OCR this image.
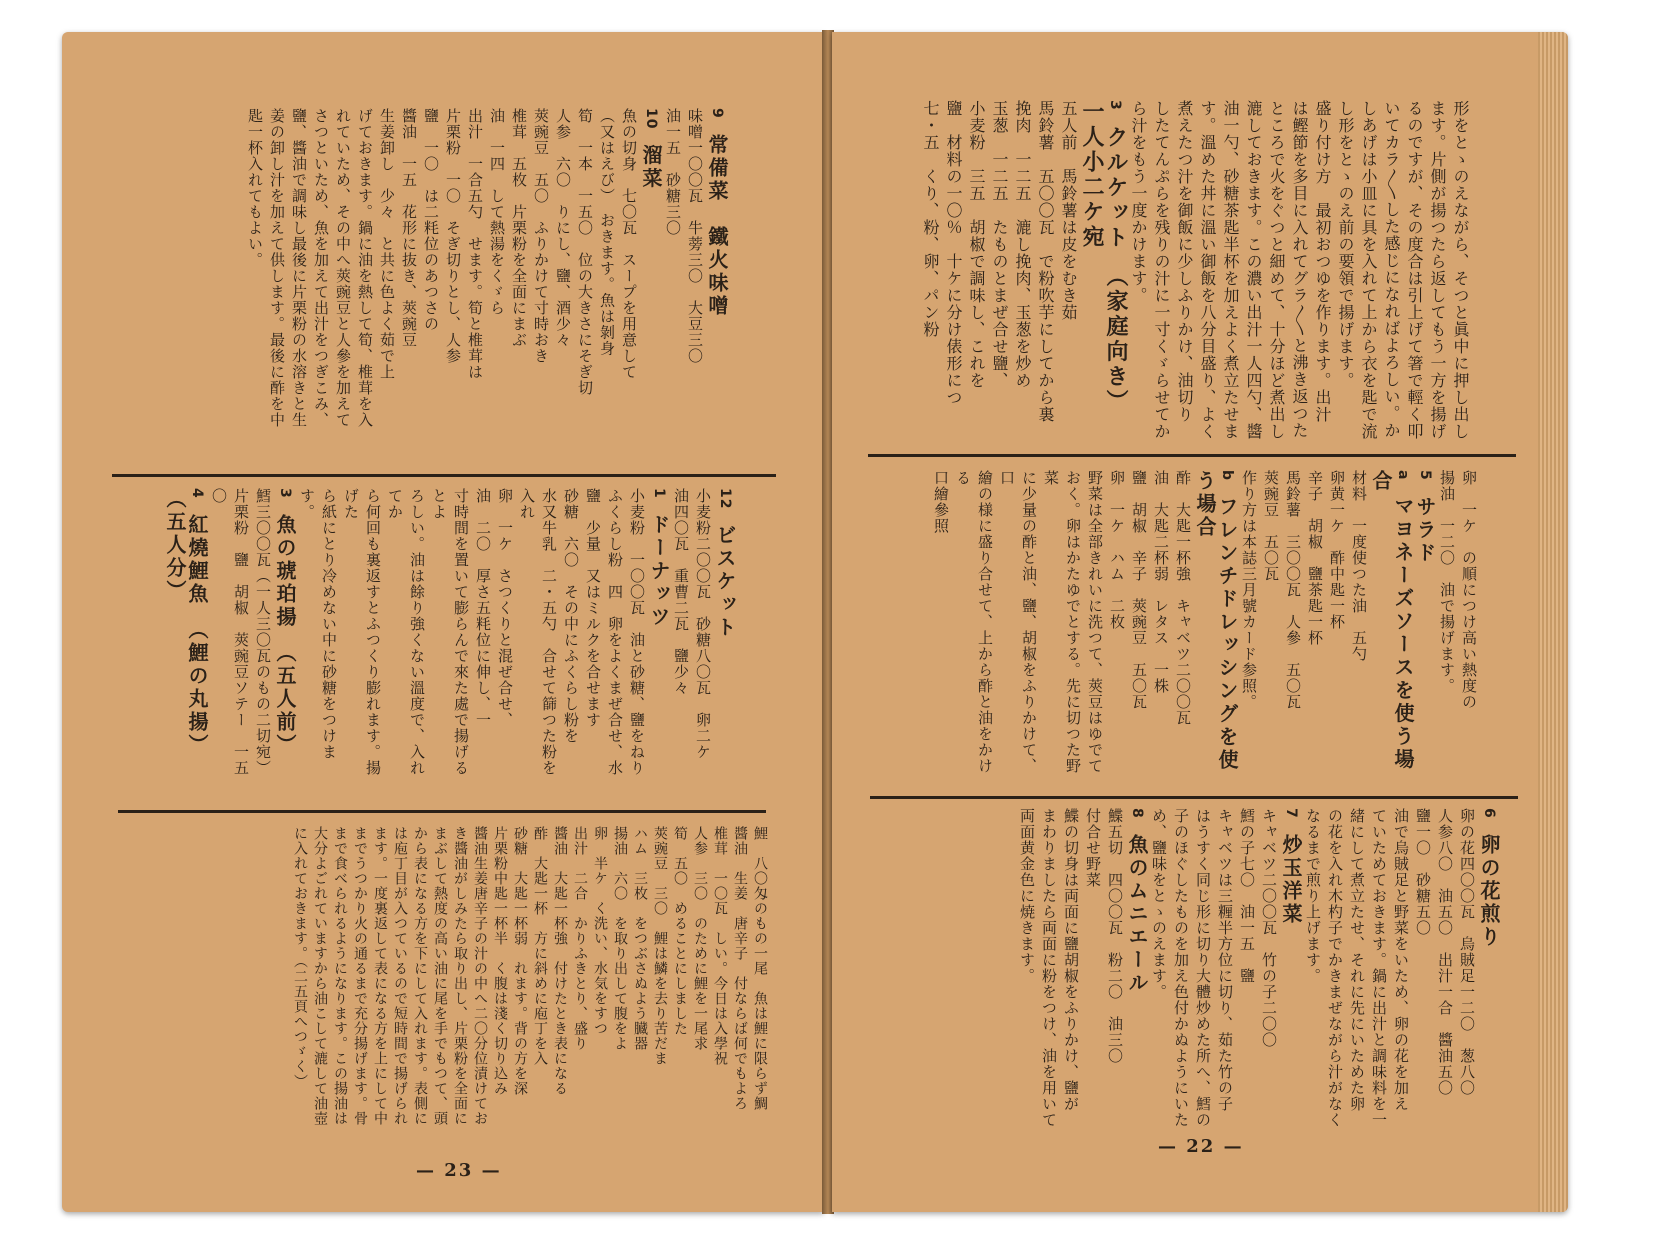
9　常備菜　鐵火味噌

味噌一〇〇瓦　牛蒡三〇　大豆三〇

油一五　砂糖三〇

10　溜菜

魚の切身　七〇瓦　スープを用意して

（又はえび）　おきます。魚は剝身

筍　一本　一五〇　位の大きさにそぎ切

人参　六〇　りにし、鹽、酒少々

莢豌豆　五〇　ふりかけて寸時おき

椎茸　五枚　片栗粉を全面にまぶ

油　一四　して熱湯をくゞら

出汁　一合五勺　せます。筍と椎茸は

片栗粉　一〇　そぎ切りとし、人参

鹽　一〇　は二粍位のあつさの

醬油　一五　花形に抜き、莢豌豆

生姜卸し　少々　と共に色よく茹で上

げておきます。鍋に油を熱して筍、椎茸を入

れていため、その中へ莢豌豆と人參を加えて

さつといため、魚を加えて出汁をつぎこみ、

鹽、醬油で調味し最後に片栗粉の水溶きと生

姜の卸し汁を加えて供します。最後に酢を中

匙一杯入れてもよい。

12　ビスケット

小麦粉二〇〇瓦　砂糖八〇瓦　卵二ケ

油四〇瓦　重曹二瓦　鹽少々

1　ドーナッツ

小麦粉　一〇〇瓦　油と砂糖、鹽をねり

ふくらし粉　四　卵をよくまぜ合せ、水

鹽　少量　又はミルクを合せます

砂糖　六〇　その中にふくらし粉を

水又牛乳　二・五勺　合せて篩つた粉を入れ

卵　一ケ　さつくりと混ぜ合せ、

油　二〇　厚さ五粍位に伸し、一

寸時間を置いて膨らんで來た處で揚げるとよ

ろしい。油は餘り強くない溫度で、入れてか

ら何回も裏返すとふつくり膨れます。揚げた

ら紙にとり冷めない中に砂糖をつけます。

3　魚の琥珀揚　（五人前）

鱈三〇〇瓦（一人三〇瓦のもの二切宛）

片栗粉　鹽　胡椒　莢豌豆ソテー　一五〇

4　紅燒鯉魚　（鯉の丸揚）（五人分）

鯉　八〇匁のもの一尾　魚は鯉に限らず鯛

醬油　生姜　唐辛子　付ならば何でもよろ

椎茸　一〇瓦　しい。今日は入學祝

人参　三〇　のために鯉を一尾求

筍　五〇　めることにしました

莢豌豆　三〇　鯉は鱗を去り苦だま

ハム　三枚　をつぶさぬよう臓器

揚油　六〇　を取り出して腹をよ

卵　半ケ　く洗い、水気をすつ

出汁　二合　かりふきとり、盛り

醬油　大匙一杯強　付けたとき表になる

酢　大匙一杯　方に斜めに庖丁を入

砂糖　大匙一杯弱　れます。背の方を深

片栗粉中匙一杯半　く腹は淺く切り込み

醬油生姜唐辛子の汁の中へ二〇分位漬けてお

き醬油がしみたら取り出し、片栗粉を全面に

まぶして熱度の高い油に尾を手でもつて、頭

から表になる方を下にして入れます。表側に

は庖丁目が入つているので短時間で揚げられ

ます。一度裏返して表になる方を上にして中

までうつかり火の通るまで充分揚げます。骨

まで食べられるようになります。この揚油は

大分よごれていますから油こして漉して油壺

に入れておきます。（二五頁へつゞく）

— 23 —

形をとゝのえながら、そつと眞中に押し出し

ます。片側が揚つたら返してもう一方を揚げ

るのですが、その度合は引上げて箸で輕く叩

いてカラ〳〵した感じになればよろしい。か

しあげは小皿に具を入れて上から衣を匙で流

し形をとゝのえ前の要領で揚げます。

盛り付け方　最初おつゆを作ります。出汁

は鰹節を多目に入れてグラ〳〵と沸き返つた

ところで火をぐつと細めて、十分ほど煮出し

漉しておきます。この濃い出汁一人四勺、醬

油一勺、砂糖茶匙半杯を加えよく煮立たせま

す。溫めた丼に溫い御飯を八分目盛り、よく

煮えたつ汁を御飯に少しふりかけ、油切り

したてんぷらを残りの汁に一寸くゞらせてか

ら汁をもう一度かけます。

3　クルケット　（家庭向き）　一人小二ケ宛

五人前　馬鈴薯は皮をむき茹

馬鈴薯　五〇〇瓦　で粉吹芋にしてから裏

挽肉　一二五　漉し挽肉、玉葱を炒め

玉葱　一二五　たものとまぜ合せ鹽、

小麦粉　三五　胡椒で調味し、これを

鹽　材料の一〇％　十ケに分け俵形につ

七・五　くり、粉、卵、パン粉

卵　一ケ　の順につけ高い熱度の

揚油　一二〇　油で揚げます。

5　サラド

a　マヨネーズソースを使う場合

材料　一度使つた油　五勺

卵黄一ケ　酢中匙一杯

辛子　胡椒　鹽茶匙一杯

馬鈴薯　三〇〇瓦　人參　五〇瓦

莢豌豆　五〇瓦

作り方は本誌三月號カード参照。

b　フレンチドレッシングを使う場合

酢　大匙一杯強　キャベツ二〇〇瓦

油　大匙二杯弱　レタス　一株

鹽　胡椒　辛子　莢豌豆　五〇瓦

卵　一ケ　ハム　二枚

野菜は全部きれいに洗つて、莢豆はゆでて

おく。卵はかたゆでとする。先に切つた野菜

に少量の酢と油、鹽、胡椒をふりかけて、口

繪の様に盛り合せて、上から酢と油をかける

口繪參照

6　卵の花煎り

卵の花四〇〇瓦　烏賊足一二〇　葱八〇

人参八〇　油五〇　出汁一合　醬油五〇

鹽一〇　砂糖五〇

油で烏賊足と野菜をいため、卵の花を加え

ていためておきます。鍋に出汁と調味料を一

緒にして煮立たせ、それに先にいためた卵

の花を入れ木杓子でかきまぜながら汁がなく

なるまで煎り上げます。

7　炒玉洋菜

キャベツ二〇〇瓦　竹の子二〇〇

鱈の子七〇　油一五　鹽

キャベツは三糎半方位に切り、茹た竹の子

はうすく同じ形に切り大體炒めた所へ、鱈の

子のほぐしたものを加え色付かぬようにいた

め、鹽味をとゝのえます。

8　魚のムニエール

鰈五切　四〇〇瓦　粉二〇　油三〇

付合せ野菜

鰈の切身は両面に鹽胡椒をふりかけ、鹽が

まわりましたら両面に粉をつけ、油を用いて

両面黄金色に焼きます。

— 22 —
